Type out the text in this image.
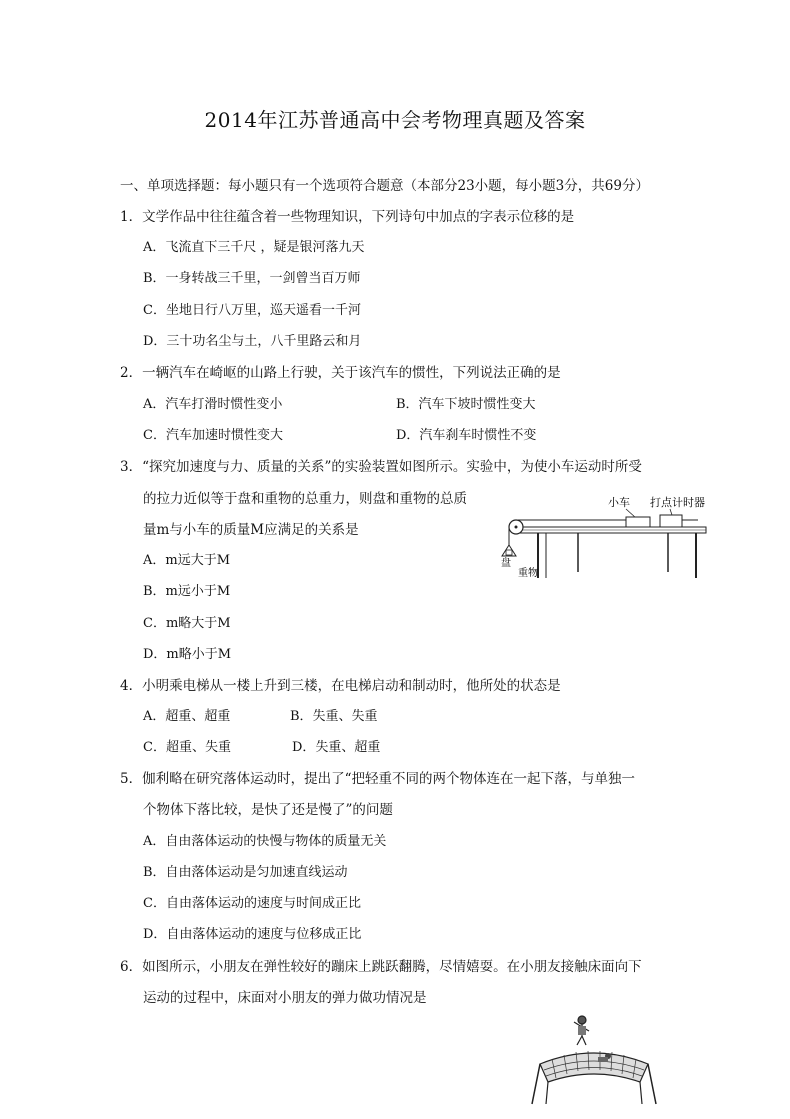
2014年江苏普通高中会考物理真题及答案
一、单项选择题：每小题只有一个选项符合题意（本部分23小题，每小题3分，共69分）
1．文学作品中往往蕴含着一些物理知识，下列诗句中加点的字表示位移的是
A．飞流直下三千尺 ，疑是银河落九天
B．一身转战三千里，一剑曾当百万师
C．坐地日行八万里，巡天遥看一千河
D．三十功名尘与土，八千里路云和月
2．一辆汽车在崎岖的山路上行驶，关于该汽车的惯性，下列说法正确的是
A．汽车打滑时惯性变小	B．汽车下坡时惯性变大
C．汽车加速时惯性变大	D．汽车刹车时惯性不变
3．“探究加速度与力、质量的关系”的实验装置如图所示。实验中，为使小车运动时所受
的拉力近似等于盘和重物的总重力，则盘和重物的总质
量m与小车的质量M应满足的关系是
A．m远大于M
B．m远小于M
C．m略大于M
D．m略小于M
小车 打点计时器
盘
重物
4．小明乘电梯从一楼上升到三楼，在电梯启动和制动时，他所处的状态是
A．超重、超重	B．失重、失重
C．超重、失重	D．失重、超重
5．伽利略在研究落体运动时，提出了“把轻重不同的两个物体连在一起下落，与单独一
个物体下落比较，是快了还是慢了”的问题
A．自由落体运动的快慢与物体的质量无关
B．自由落体运动是匀加速直线运动
C．自由落体运动的速度与时间成正比
D．自由落体运动的速度与位移成正比
6．如图所示，小朋友在弹性较好的蹦床上跳跃翻腾，尽情嬉耍。在小朋友接触床面向下
运动的过程中，床面对小朋友的弹力做功情况是
